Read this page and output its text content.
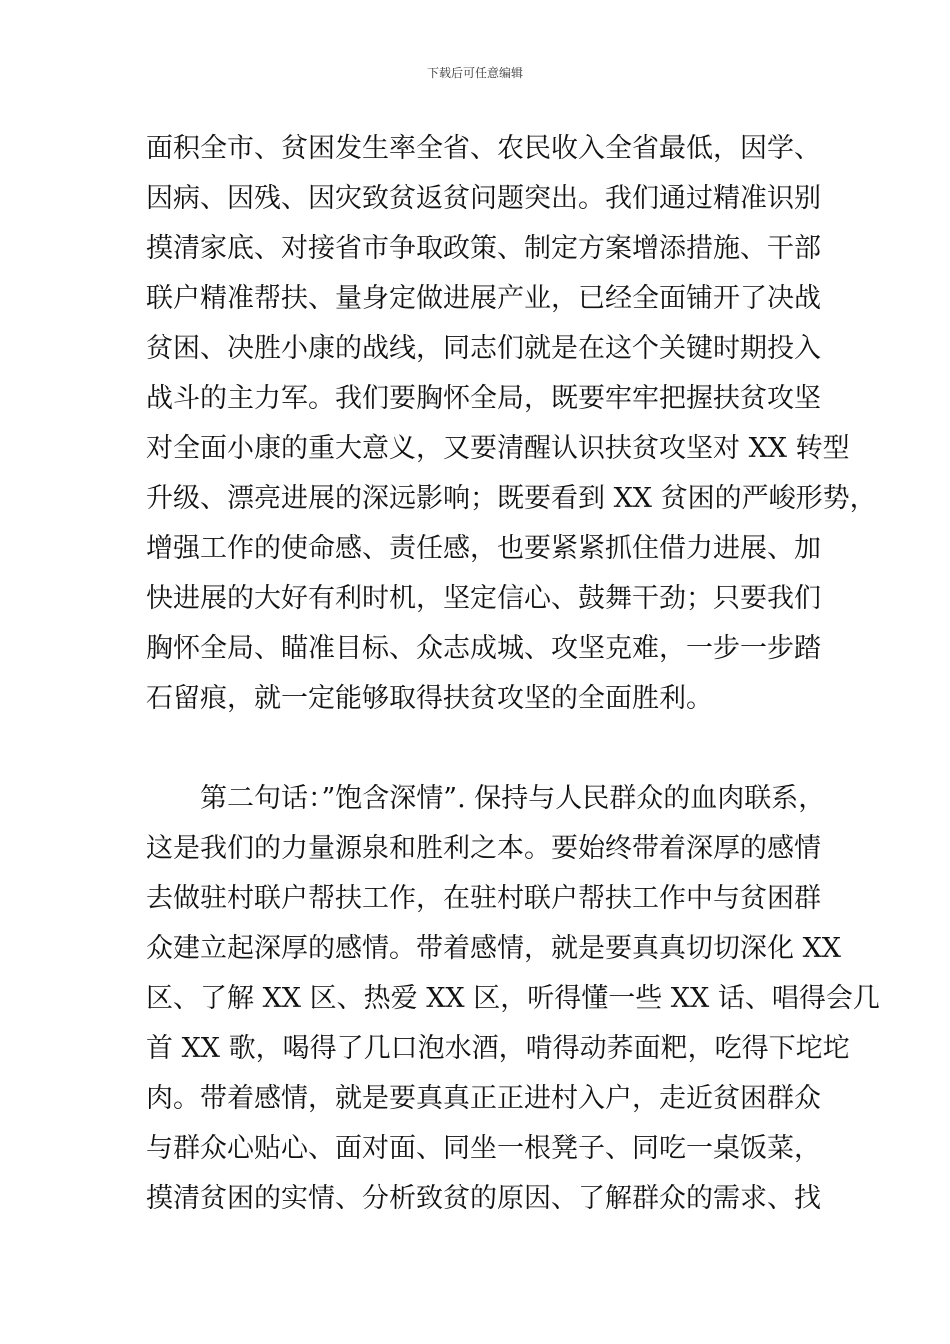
下载后可任意编辑
面积全市、贫困发生率全省、农民收入全省最低，因学、
因病、因残、因灾致贫返贫问题突出。我们通过精准识别
摸清家底、对接省市争取政策、制定方案增添措施、干部
联户精准帮扶、量身定做进展产业，已经全面铺开了决战
贫困、决胜小康的战线，同志们就是在这个关键时期投入
战斗的主力军。我们要胸怀全局，既要牢牢把握扶贫攻坚
对全面小康的重大意义，又要清醒认识扶贫攻坚对 XX 转型
升级、漂亮进展的深远影响；既要看到 XX 贫困的严峻形势，
增强工作的使命感、责任感，也要紧紧抓住借力进展、加
快进展的大好有利时机，坚定信心、鼓舞干劲；只要我们
胸怀全局、瞄准目标、众志成城、攻坚克难，一步一步踏
石留痕，就一定能够取得扶贫攻坚的全面胜利。
　　第二句话：”饱含深情”. 保持与人民群众的血肉联系，
这是我们的力量源泉和胜利之本。要始终带着深厚的感情
去做驻村联户帮扶工作，在驻村联户帮扶工作中与贫困群
众建立起深厚的感情。带着感情，就是要真真切切深化 XX
区、了解 XX 区、热爱 XX 区，听得懂一些 XX 话、唱得会几
首 XX 歌，喝得了几口泡水酒，啃得动荞面粑，吃得下坨坨
肉。带着感情，就是要真真正正进村入户，走近贫困群众
与群众心贴心、面对面、同坐一根凳子、同吃一桌饭菜，
摸清贫困的实情、分析致贫的原因、了解群众的需求、找
